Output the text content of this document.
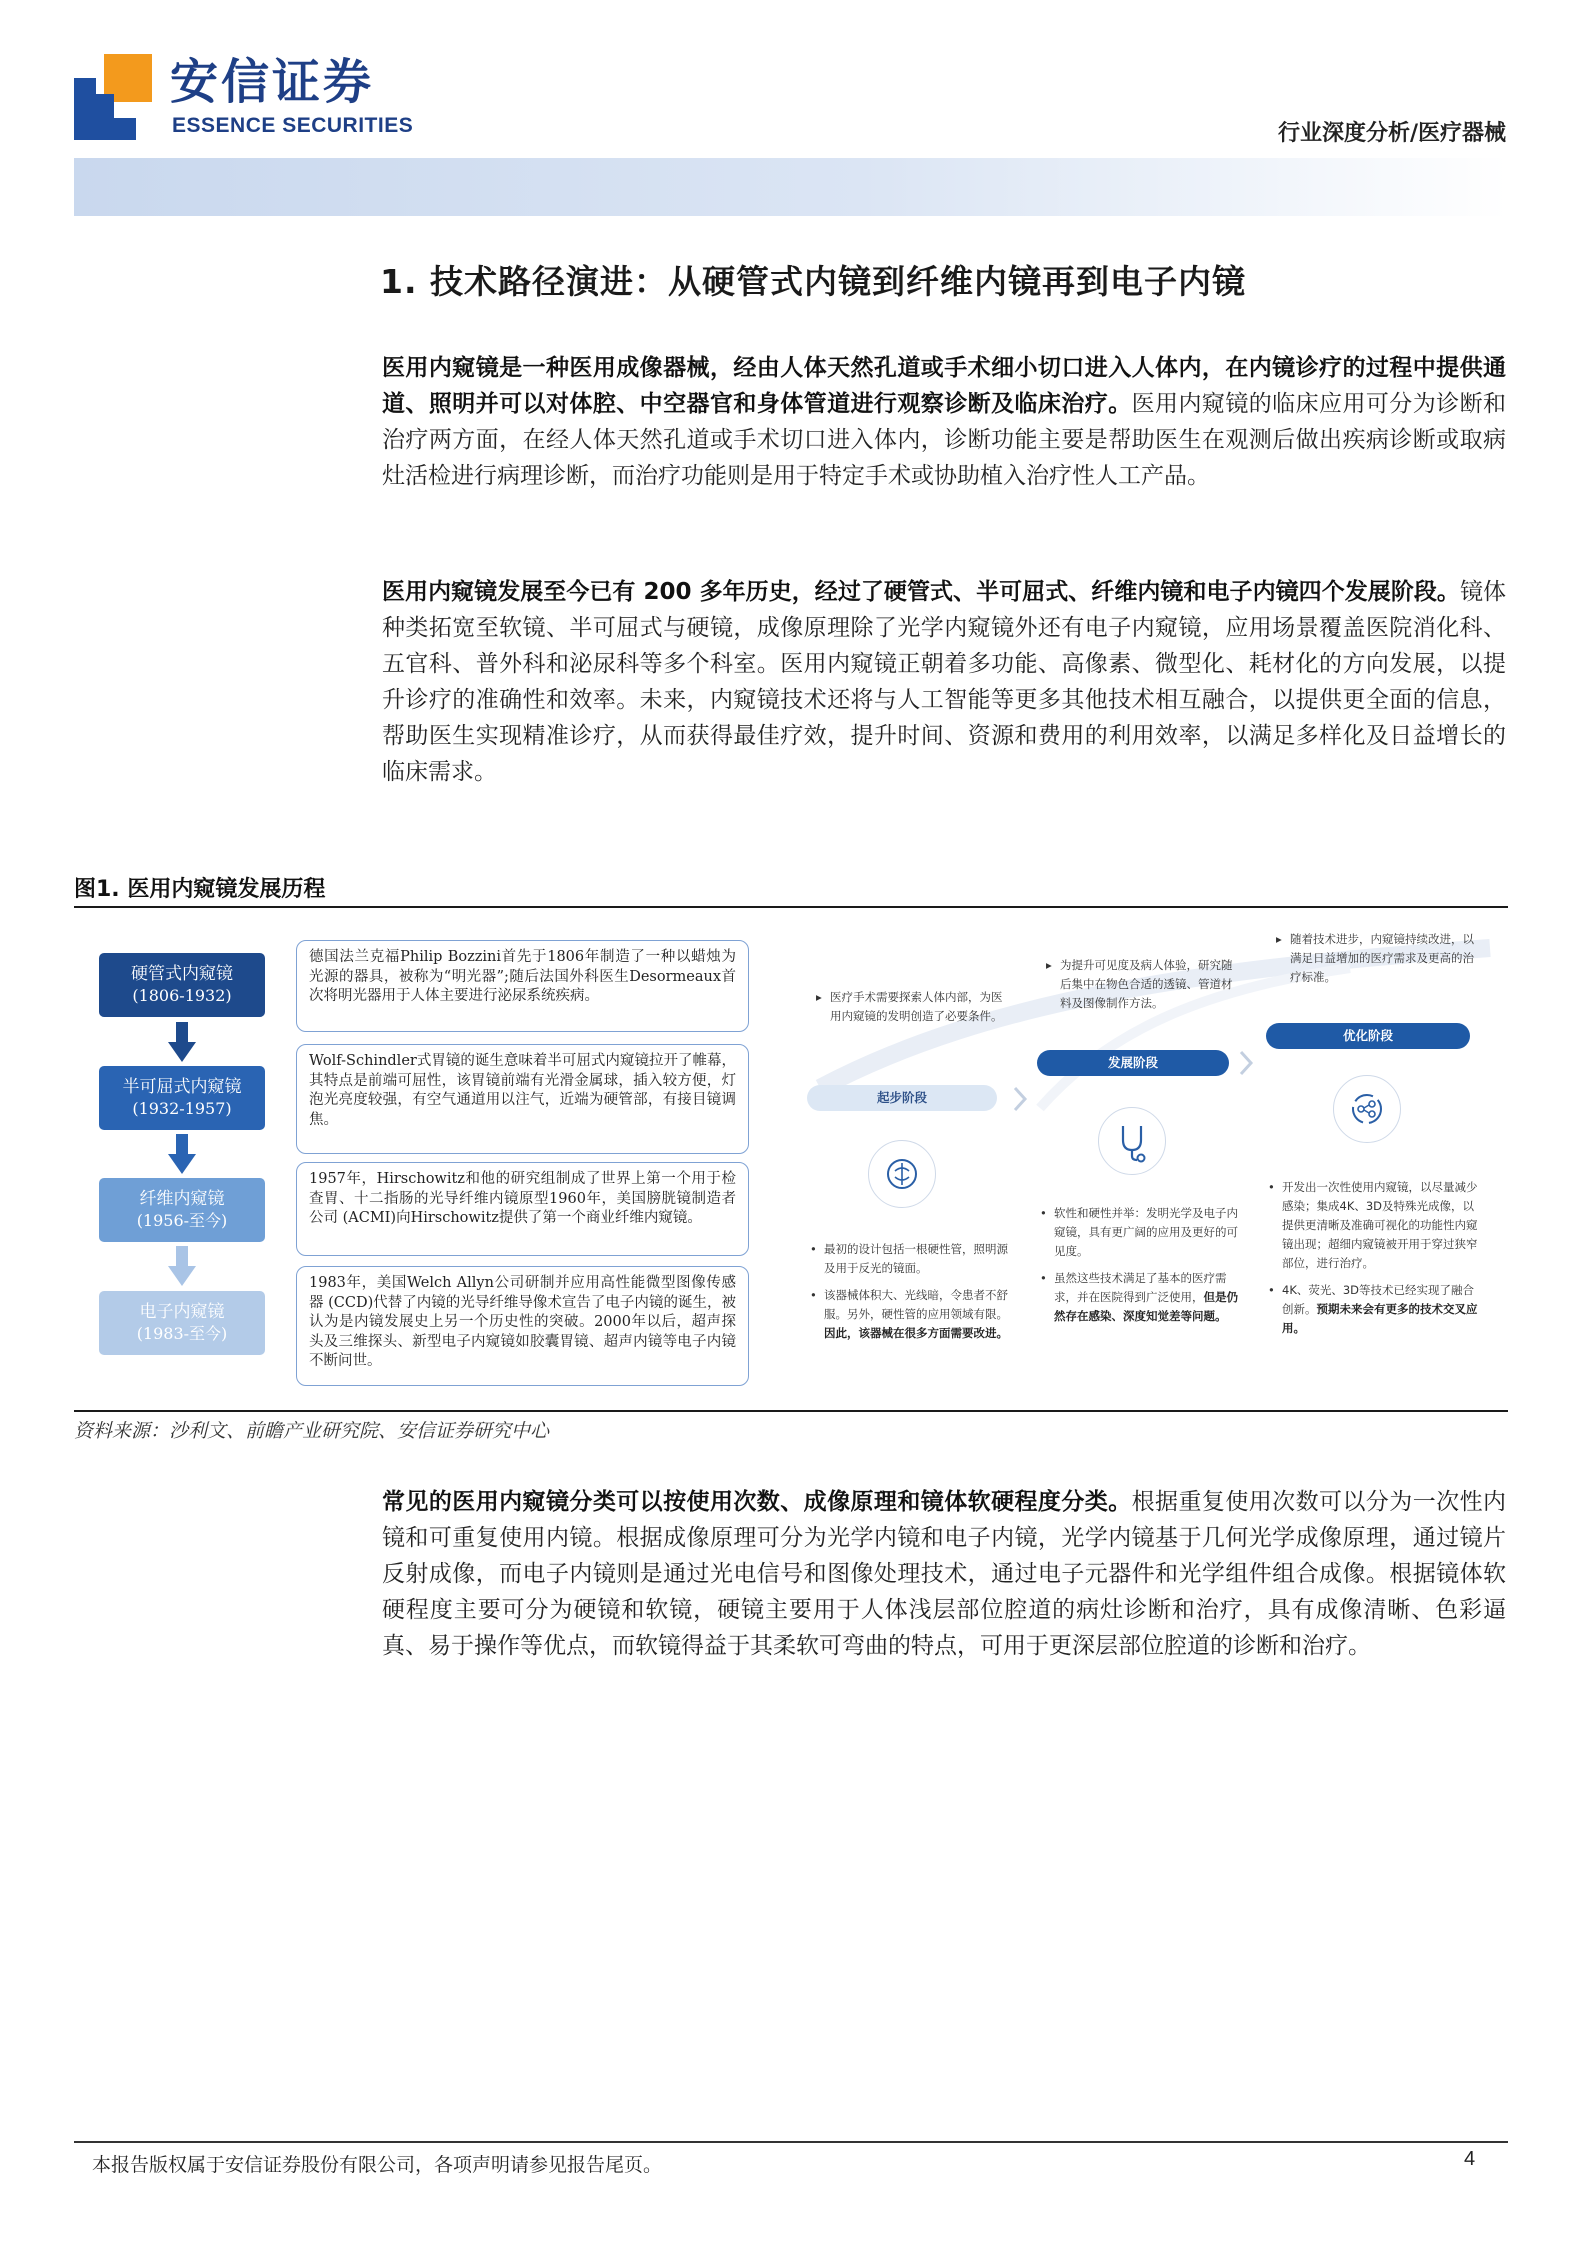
安信证券
ESSENCE SECURITIES	行业深度分析/医疗器械
1. 技术路径演进：从硬管式内镜到纤维内镜再到电子内镜
医用内窥镜是一种医用成像器械，经由人体天然孔道或手术细小切口进入人体内，在内镜诊疗的过程中提供通道、照明并可以对体腔、中空器官和身体管道进行观察诊断及临床治疗。医用内窥镜的临床应用可分为诊断和治疗两方面，在经人体天然孔道或手术切口进入体内，诊断功能主要是帮助医生在观测后做出疾病诊断或取病灶活检进行病理诊断，而治疗功能则是用于特定手术或协助植入治疗性人工产品。
医用内窥镜发展至今已有 200 多年历史，经过了硬管式、半可屈式、纤维内镜和电子内镜四个发展阶段。镜体种类拓宽至软镜、半可屈式与硬镜，成像原理除了光学内窥镜外还有电子内窥镜，应用场景覆盖医院消化科、五官科、普外科和泌尿科等多个科室。医用内窥镜正朝着多功能、高像素、微型化、耗材化的方向发展，以提升诊疗的准确性和效率。未来，内窥镜技术还将与人工智能等更多其他技术相互融合，以提供更全面的信息，帮助医生实现精准诊疗，从而获得最佳疗效，提升时间、资源和费用的利用效率，以满足多样化及日益增长的临床需求。
图1. 医用内窥镜发展历程
硬管式内窥镜
(1806-1932)
半可屈式内窥镜
(1932-1957)
纤维内窥镜
(1956-至今)
电子内窥镜
(1983-至今)
德国法兰克福Philip Bozzini首先于1806年制造了一种以蜡烛为光源的器具，被称为“明光器”;随后法国外科医生Desormeaux首次将明光器用于人体主要进行泌尿系统疾病。
Wolf-Schindler式胃镜的诞生意味着半可屈式内窥镜拉开了帷幕，其特点是前端可屈性，该胃镜前端有光滑金属球，插入较方便，灯泡光亮度较强，有空气通道用以注气，近端为硬管部，有接目镜调焦。
1957年，Hirschowitz和他的研究组制成了世界上第一个用于检查胃、十二指肠的光导纤维内镜原型1960年，美国膀胱镜制造者公司 (ACMI)向Hirschowitz提供了第一个商业纤维内窥镜。
1983年，美国Welch Allyn公司研制并应用高性能微型图像传感器 (CCD)代替了内镜的光导纤维导像术宣告了电子内镜的诞生，被认为是内镜发展史上另一个历史性的突破。2000年以后，超声探头及三维探头、新型电子内窥镜如胶囊胃镜、超声内镜等电子内镜不断问世。
▸ 医疗手术需要探索人体内部，为医用内窥镜的发明创造了必要条件。
起步阶段
• 最初的设计包括一根硬性管，照明源及用于反光的镜面。
• 该器械体积大、光线暗，令患者不舒服。另外，硬性管的应用领域有限。因此，该器械在很多方面需要改进。
▸ 为提升可见度及病人体验，研究随后集中在物色合适的透镜、管道材料及图像制作方法。
发展阶段
• 软性和硬性并举：发明光学及电子内窥镜，具有更广阔的应用及更好的可见度。
• 虽然这些技术满足了基本的医疗需求，并在医院得到广泛使用，但是仍然存在感染、深度知觉差等问题。
▸ 随着技术进步，内窥镜持续改进，以满足日益增加的医疗需求及更高的治疗标准。
优化阶段
• 开发出一次性使用内窥镜，以尽量减少感染；集成4K、3D及特殊光成像，以提供更清晰及准确可视化的功能性内窥镜出现；超细内窥镜被开用于穿过狭窄部位，进行治疗。
• 4K、荧光、3D等技术已经实现了融合创新。预期未来会有更多的技术交叉应用。
资料来源：沙利文、前瞻产业研究院、安信证券研究中心
常见的医用内窥镜分类可以按使用次数、成像原理和镜体软硬程度分类。根据重复使用次数可以分为一次性内镜和可重复使用内镜。根据成像原理可分为光学内镜和电子内镜，光学内镜基于几何光学成像原理，通过镜片反射成像，而电子内镜则是通过光电信号和图像处理技术，通过电子元器件和光学组件组合成像。根据镜体软硬程度主要可分为硬镜和软镜，硬镜主要用于人体浅层部位腔道的病灶诊断和治疗，具有成像清晰、色彩逼真、易于操作等优点，而软镜得益于其柔软可弯曲的特点，可用于更深层部位腔道的诊断和治疗。
本报告版权属于安信证券股份有限公司，各项声明请参见报告尾页。	4
